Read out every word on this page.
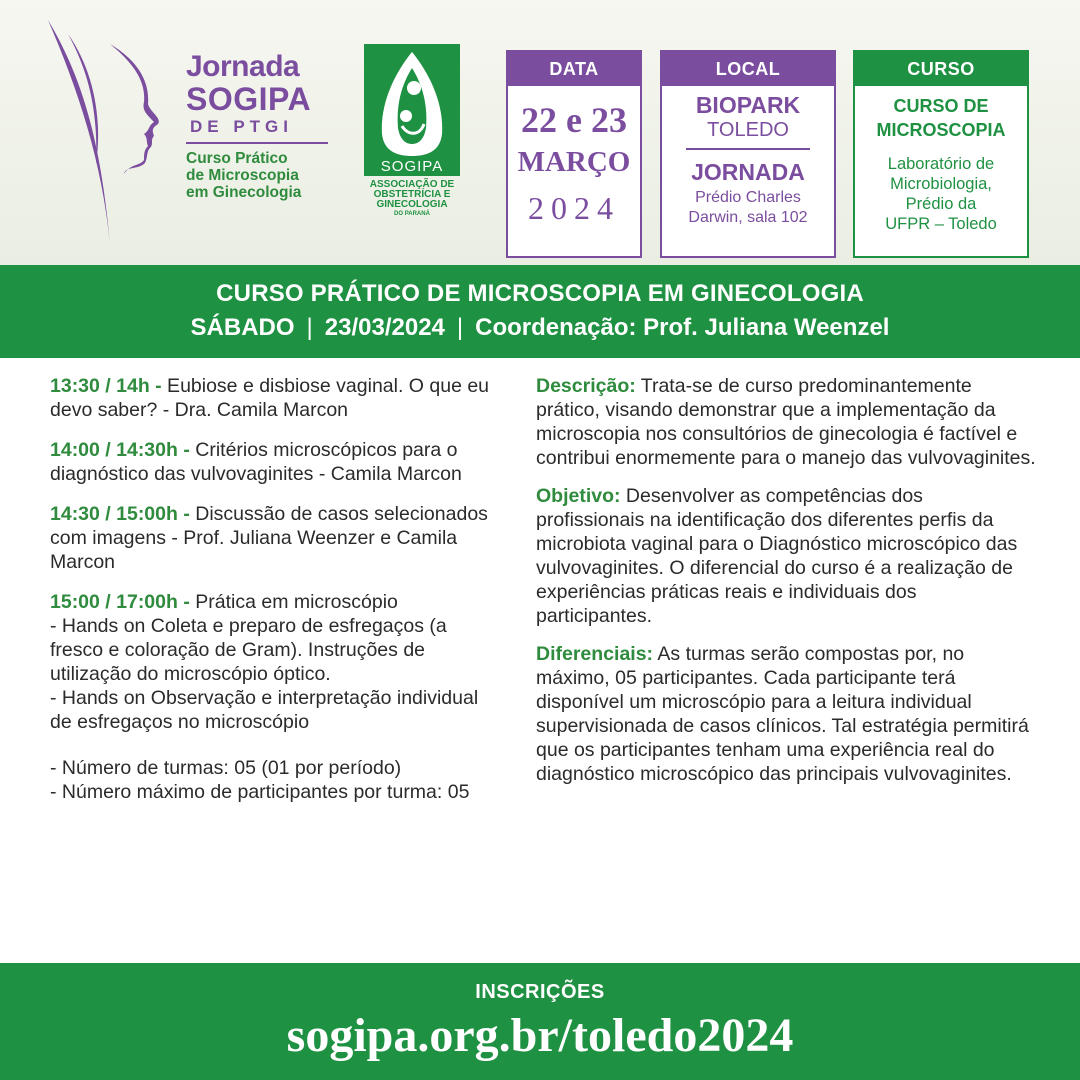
Jornada
SOGIPA
DE PTGI
Curso Prático
de Microscopia
em Ginecologia
SOGIPA
ASSOCIAÇÃO DE
OBSTETRÍCIA E
GINECOLOGIA
DO PARANÁ
DATA
22 e 23
MARÇO
2024
LOCAL
BIOPARK
TOLEDO
JORNADA
Prédio Charles
Darwin, sala 102
CURSO
CURSO DE
MICROSCOPIA
Laboratório de
Microbiologia,
Prédio da
UFPR – Toledo
CURSO PRÁTICO DE MICROSCOPIA EM GINECOLOGIA
SÁBADO | 23/03/2024 | Coordenação: Prof. Juliana Weenzel
13:30 / 14h - Eubiose e disbiose vaginal. O que eu devo saber? - Dra. Camila Marcon
14:00 / 14:30h - Critérios microscópicos para o diagnóstico das vulvovaginites - Camila Marcon
14:30 / 15:00h - Discussão de casos selecionados com imagens - Prof. Juliana Weenzer e Camila Marcon
15:00 / 17:00h - Prática em microscópio
- Hands on Coleta e preparo de esfregaços (a fresco e coloração de Gram). Instruções de utilização do microscópio óptico.
- Hands on Observação e interpretação individual de esfregaços no microscópio
- Número de turmas: 05 (01 por período)
- Número máximo de participantes por turma: 05
Descrição: Trata-se de curso predominantemente prático, visando demonstrar que a implementação da microscopia nos consultórios de ginecologia é factível e contribui enormemente para o manejo das vulvovaginites.
Objetivo: Desenvolver as competências dos profissionais na identificação dos diferentes perfis da microbiota vaginal para o Diagnóstico microscópico das vulvovaginites. O diferencial do curso é a realização de experiências práticas reais e individuais dos participantes.
Diferenciais: As turmas serão compostas por, no máximo, 05 participantes. Cada participante terá disponível um microscópio para a leitura individual supervisionada de casos clínicos. Tal estratégia permitirá que os participantes tenham uma experiência real do diagnóstico microscópico das principais vulvovaginites.
INSCRIÇÕES
sogipa.org.br/toledo2024
